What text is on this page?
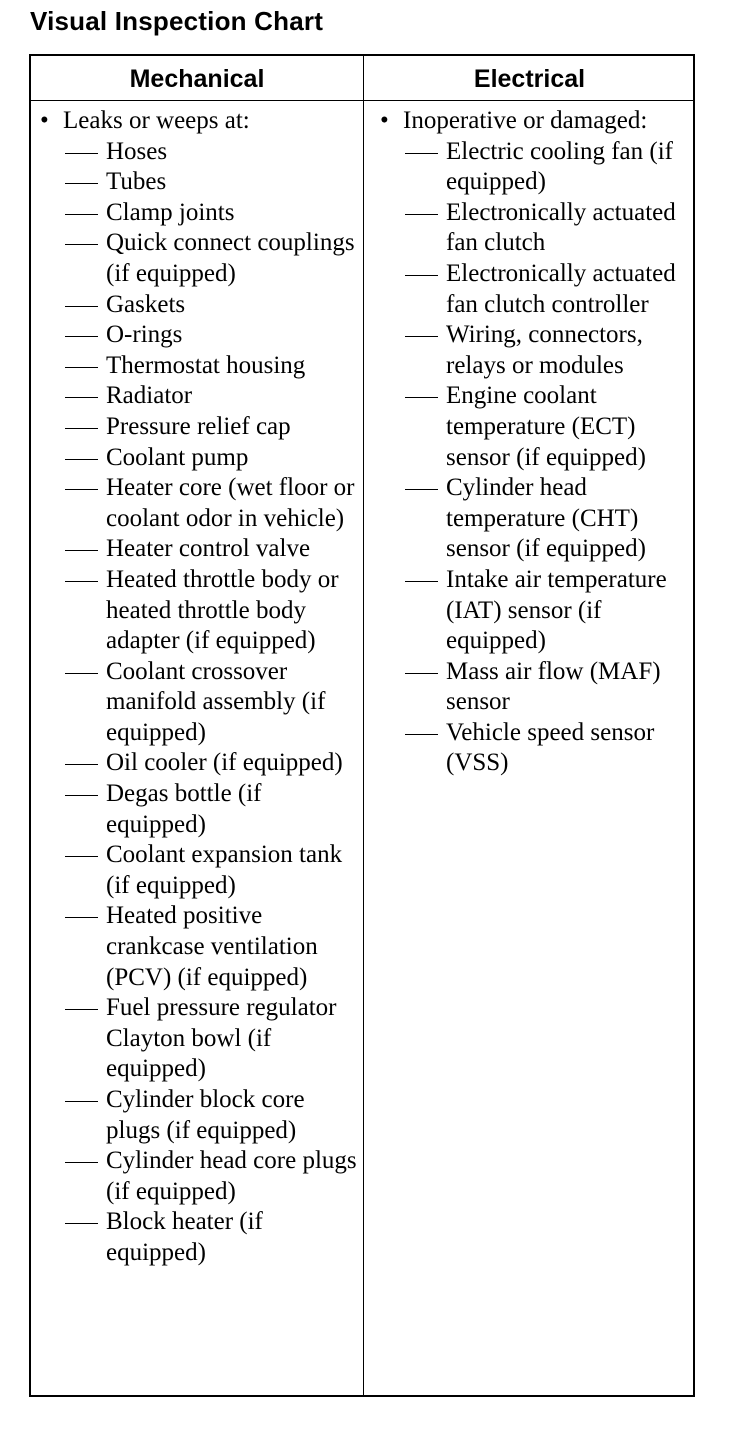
Visual Inspection Chart
Mechanical	Electrical
• Leaks or weeps at:
Hoses
Tubes
Clamp joints
Quick connect couplings (if equipped)
Gaskets
O-rings
Thermostat housing
Radiator
Pressure relief cap
Coolant pump
Heater core (wet floor or coolant odor in vehicle)
Heater control valve
Heated throttle body or heated throttle body adapter (if equipped)
Coolant crossover manifold assembly (if equipped)
Oil cooler (if equipped)
Degas bottle (if equipped)
Coolant expansion tank (if equipped)
Heated positive crankcase ventilation (PCV) (if equipped)
Fuel pressure regulator Clayton bowl (if equipped)
Cylinder block core plugs (if equipped)
Cylinder head core plugs (if equipped)
Block heater (if equipped)
• Inoperative or damaged:
Electric cooling fan (if equipped)
Electronically actuated fan clutch
Electronically actuated fan clutch controller
Wiring, connectors, relays or modules
Engine coolant temperature (ECT) sensor (if equipped)
Cylinder head temperature (CHT) sensor (if equipped)
Intake air temperature (IAT) sensor (if equipped)
Mass air flow (MAF) sensor
Vehicle speed sensor (VSS)
